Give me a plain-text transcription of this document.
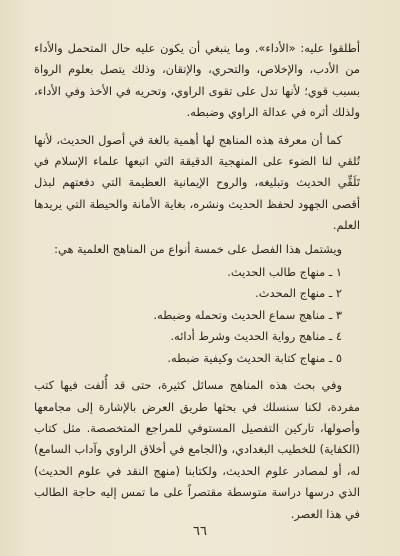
أطلقوا عليه: «الأداء». وما ينبغي أن يكون عليه حال المتحمل والأداء من الأدب، والإخلاص، والتحري، والإتقان، وذلك يتصل بعلوم الرواة بسبب قوي؛ لأنها تدل على تقوى الراوي، وتحريه في الأخذ وفي الأداء، ولذلك أثره في عدالة الراوي وضبطه.

كما أن معرفة هذه المناهج لها أهمية بالغة في أصول الحديث، لأنها تُلقي لنا الضوء على المنهجية الدقيقة التي اتبعها علماء الإسلام في تَلَقِّي الحديث وتبليغه، والروح الإيمانية العظيمة التي دفعتهم لبذل أقصى الجهود لحفظ الحديث ونشره، بغاية الأمانة والحيطة التي يريدها العلم.

ويشتمل هذا الفصل على خمسة أنواع من المناهج العلمية هي:

١ ـ منهاج طالب الحديث.

٢ ـ منهاج المحدث.

٣ ـ مناهج سماع الحديث وتحمله وضبطه.

٤ ـ مناهج رواية الحديث وشرط أدائه.

٥ ـ منهاج كتابة الحديث وكيفية ضبطه.

وفي بحث هذه المناهج مسائل كثيرة، حتى قد أُلفت فيها كتب مفردة، لكنا سنسلك في بحثها طريق العرض بالإشارة إلى مجامعها وأصولها، تاركين التفصيل المستوفي للمراجع المتخصصة. مثل كتاب (الكفاية) للخطيب البغدادي، و(الجامع في أخلاق الراوي وآداب السامع) له، أو لمصادر علوم الحديث، ولكتابنا (منهج النقد في علوم الحديث) الذي درسها دراسة متوسطة مقتصراً على ما تمس إليه حاجة الطالب في هذا العصر.

٦٦
